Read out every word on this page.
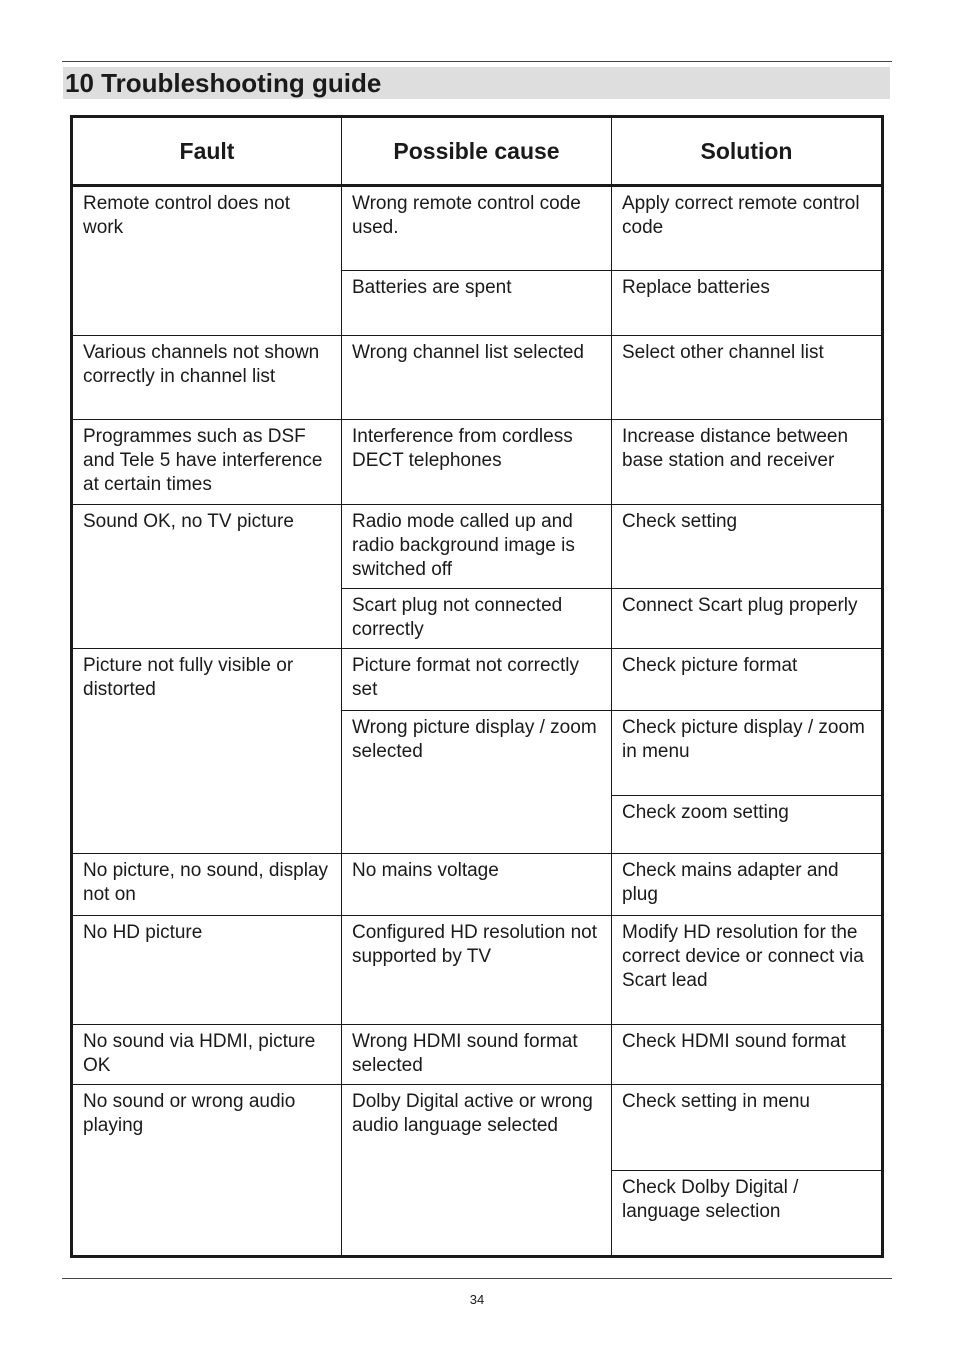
10 Troubleshooting guide
Fault	Possible cause	Solution
Remote control does not work	Wrong remote control code used.	Apply correct remote control code
	Batteries are spent	Replace batteries
Various channels not shown correctly in channel list	Wrong channel list selected	Select other channel list
Programmes such as DSF and Tele 5 have interference at certain times	Interference from cordless DECT telephones	Increase distance between base station and receiver
Sound OK, no TV picture	Radio mode called up and radio background image is switched off	Check setting
	Scart plug not connected correctly	Connect Scart plug properly
Picture not fully visible or distorted	Picture format not correctly set	Check picture format
	Wrong picture display / zoom selected	Check picture display / zoom in menu
		Check zoom setting
No picture, no sound, display not on	No mains voltage	Check mains adapter and plug
No HD picture	Configured HD resolution not supported by TV	Modify HD resolution for the correct device or connect via Scart lead
No sound via HDMI, picture OK	Wrong HDMI sound format selected	Check HDMI sound format
No sound or wrong audio playing	Dolby Digital active or wrong audio language selected	Check setting in menu
		Check Dolby Digital / language selection
34
